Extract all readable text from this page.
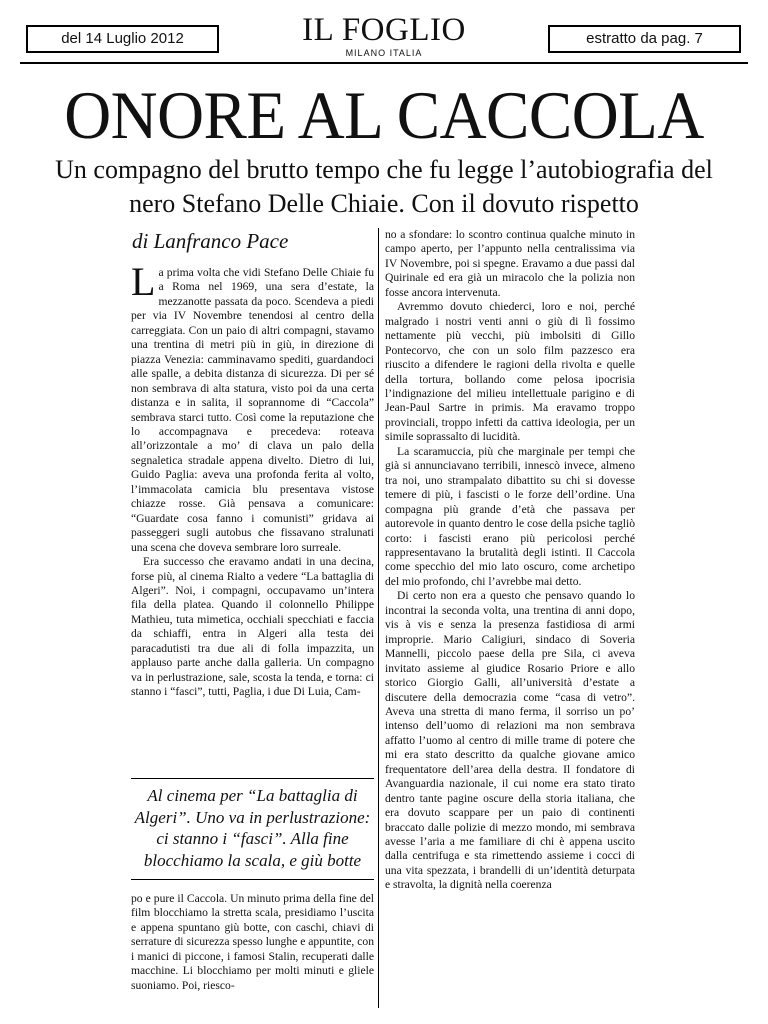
del 14 Luglio 2012	IL FOGLIO
MILANO ITALIA
estratto da pag. 7
ONORE AL CACCOLA
Un compagno del brutto tempo che fu legge l’autobiografia del nero Stefano Delle Chiaie. Con il dovuto rispetto
di Lanfranco Pace

La prima volta che vidi Stefano Delle Chiaie fu a Roma nel 1969, una sera d’estate, la mezzanotte passata da poco. Scendeva a piedi per via IV Novembre tenendosi al centro della carreggiata. Con un paio di altri compagni, stavamo una trentina di metri più in giù, in direzione di piazza Venezia: camminavamo spediti, guardandoci alle spalle, a debita distanza di sicurezza. Di per sé non sembrava di alta statura, visto poi da una certa distanza e in salita, il soprannome di “Caccola” sembrava starci tutto. Così come la reputazione che lo accompagnava e precedeva: roteava all’orizzontale a mo’ di clava un palo della segnaletica stradale appena divelto. Dietro di lui, Guido Paglia: aveva una profonda ferita al volto, l’immacolata camicia blu presentava vistose chiazze rosse. Già pensava a comunicare: “Guardate cosa fanno i comunisti” gridava ai passeggeri sugli autobus che fissavano stralunati una scena che doveva sembrare loro surreale.

Era successo che eravamo andati in una decina, forse più, al cinema Rialto a vedere “La battaglia di Algeri”. Noi, i compagni, occupavamo un’intera fila della platea. Quando il colonnello Philippe Mathieu, tuta mimetica, occhiali specchiati e faccia da schiaffi, entra in Algeri alla testa dei paracadutisti tra due ali di folla impazzita, un applauso parte anche dalla galleria. Un compagno va in perlustrazione, sale, scosta la tenda, e torna: ci stanno i “fasci”, tutti, Paglia, i due Di Luia, Cam-

Al cinema per “La battaglia di Algeri”. Uno va in perlustrazione: ci stanno i “fasci”. Alla fine blocchiamo la scala, e giù botte

po e pure il Caccola. Un minuto prima della fine del film blocchiamo la stretta scala, presidiamo l’uscita e appena spuntano giù botte, con caschi, chiavi di serrature di sicurezza spesso lunghe e appuntite, con i manici di piccone, i famosi Stalin, recuperati dalle macchine. Li blocchiamo per molti minuti e gliele suoniamo. Poi, riesco-

no a sfondare: lo scontro continua qualche minuto in campo aperto, per l’appunto nella centralissima via IV Novembre, poi si spegne. Eravamo a due passi dal Quirinale ed era già un miracolo che la polizia non fosse ancora intervenuta.

Avremmo dovuto chiederci, loro e noi, perché malgrado i nostri venti anni o giù di lì fossimo nettamente più vecchi, più imbolsiti di Gillo Pontecorvo, che con un solo film pazzesco era riuscito a difendere le ragioni della rivolta e quelle della tortura, bollando come pelosa ipocrisia l’indignazione del milieu intellettuale parigino e di Jean-Paul Sartre in primis. Ma eravamo troppo provinciali, troppo infetti da cattiva ideologia, per un simile soprassalto di lucidità.

La scaramuccia, più che marginale per tempi che già si annunciavano terribili, innescò invece, almeno tra noi, uno strampalato dibattito su chi si dovesse temere di più, i fascisti o le forze dell’ordine. Una compagna più grande d’età che passava per autorevole in quanto dentro le cose della psiche tagliò corto: i fascisti erano più pericolosi perché rappresentavano la brutalità degli istinti. Il Caccola come specchio del mio lato oscuro, come archetipo del mio profondo, chi l’avrebbe mai detto.

Di certo non era a questo che pensavo quando lo incontrai la seconda volta, una trentina di anni dopo, vis à vis e senza la presenza fastidiosa di armi improprie. Mario Caligiuri, sindaco di Soveria Mannelli, piccolo paese della pre Sila, ci aveva invitato assieme al giudice Rosario Priore e allo storico Giorgio Galli, all’università d’estate a discutere della democrazia come “casa di vetro”. Aveva una stretta di mano ferma, il sorriso un po’ intenso dell’uomo di relazioni ma non sembrava affatto l’uomo al centro di mille trame di potere che mi era stato descritto da qualche giovane amico frequentatore dell’area della destra. Il fondatore di Avanguardia nazionale, il cui nome era stato tirato dentro tante pagine oscure della storia italiana, che era dovuto scappare per un paio di continenti braccato dalle polizie di mezzo mondo, mi sembrava avesse l’aria a me familiare di chi è appena uscito dalla centrifuga e sta rimettendo assieme i cocci di una vita spezzata, i brandelli di un’identità deturpata e stravolta, la dignità nella coerenza
